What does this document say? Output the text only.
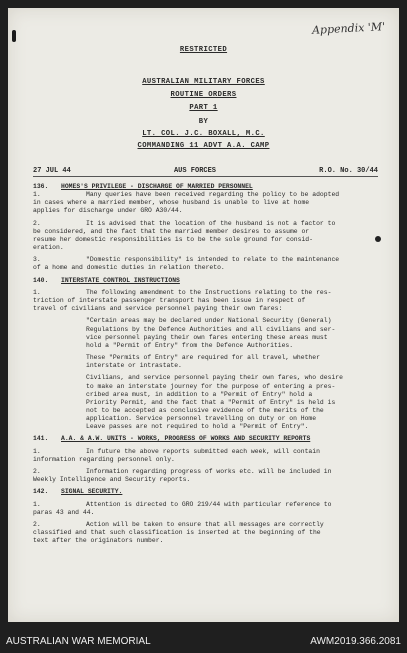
Appendix 'M'
RESTRICTED
AUSTRALIAN MILITARY FORCES
ROUTINE ORDERS
PART 1
BY
LT. COL. J.C. BOXALL, M.C.
COMMANDING 11 ADVT A.A. CAMP
27 JUL 44	AUS FORCES	R.O. No. 30/44
136. HOMES'S PRIVILEGE - DISCHARGE OF MARRIED PERSONNEL
1.	Many queries have been received regarding the policy to be adopted
in cases where a married member, whose husband is unable to live at home
applies for discharge under GRO A30/44.
2.	It is advised that the location of the husband is not a factor to
be considered, and the fact that the married member desires to assume or
resume her domestic responsibilities is to be the sole ground for consid-
eration.
3.	"Domestic responsibility" is intended to relate to the maintenance
of a home and domestic duties in relation thereto.
140. INTERSTATE CONTROL INSTRUCTIONS
1.	The following amendment to the Instructions relating to the res-
triction of interstate passenger transport has been issue in respect of
travel of civilians and service personnel paying their own fares:
"Certain areas may be declared under National Security (General)
Regulations by the Defence Authorities and all civilians and ser-
vice personnel paying their own fares entering these areas must
hold a "Permit of Entry" from the Defence Authorities.
These "Permits of Entry" are required for all travel, whether
interstate or intrastate.
Civilians, and service personnel paying their own fares, who desire
to make an interstate journey for the purpose of entering a pres-
cribed area must, in addition to a "Permit of Entry" hold a
Priority Permit, and the fact that a "Permit of Entry" is held is
not to be accepted as conclusive evidence of the merits of the
application. Service personnel travelling on duty or on Home
Leave passes are not required to hold a "Permit of Entry".
141. A.A. & A.W. UNITS - WORKS, PROGRESS OF WORKS AND SECURITY REPORTS
1.	In future the above reports submitted each week, will contain
information regarding personnel only.
2.	Information regarding progress of works etc. will be included in
Weekly Intelligence and Security reports.
142. SIGNAL SECURITY.
1.	Attention is directed to GRO 219/44 with particular reference to
paras 43 and 44.
2.	Action will be taken to ensure that all messages are correctly
classified and that such classification is inserted at the beginning of the
text after the originators number.
AUSTRALIAN WAR MEMORIAL	AWM2019.366.2081
